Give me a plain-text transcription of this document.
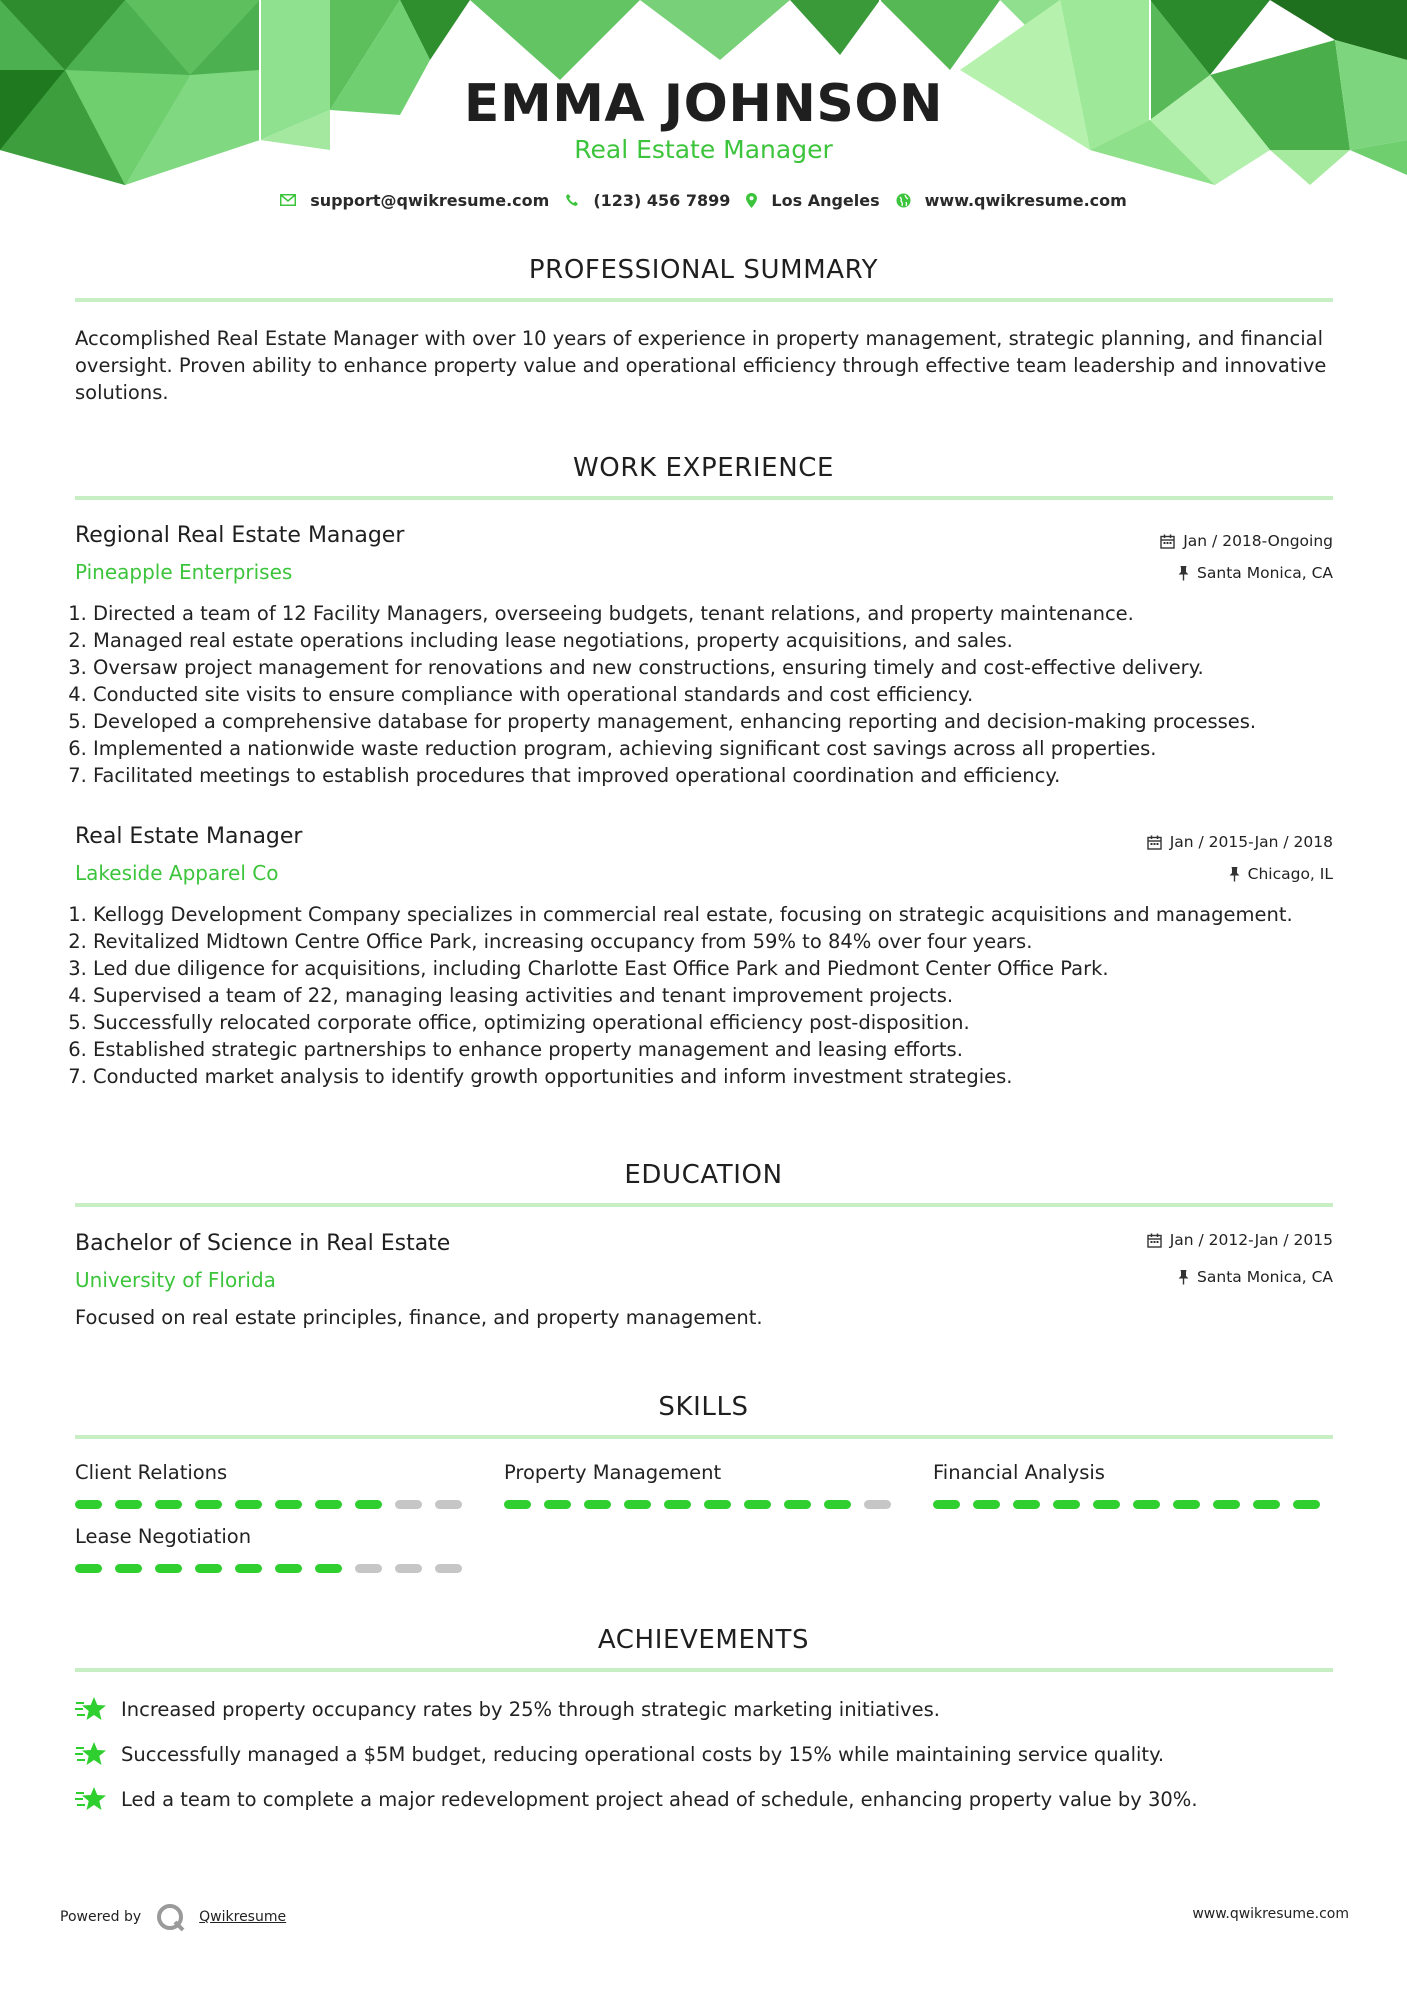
EMMA JOHNSON
Real Estate Manager
support@qwikresume.com	(123) 456 7899	Los Angeles	www.qwikresume.com
PROFESSIONAL SUMMARY
Accomplished Real Estate Manager with over 10 years of experience in property management, strategic planning, and financial oversight. Proven ability to enhance property value and operational efficiency through effective team leadership and innovative solutions.
WORK EXPERIENCE
Regional Real Estate Manager
Pineapple Enterprises
Jan / 2018-Ongoing
Santa Monica, CA
1. Directed a team of 12 Facility Managers, overseeing budgets, tenant relations, and property maintenance.
2. Managed real estate operations including lease negotiations, property acquisitions, and sales.
3. Oversaw project management for renovations and new constructions, ensuring timely and cost-effective delivery.
4. Conducted site visits to ensure compliance with operational standards and cost efficiency.
5. Developed a comprehensive database for property management, enhancing reporting and decision-making processes.
6. Implemented a nationwide waste reduction program, achieving significant cost savings across all properties.
7. Facilitated meetings to establish procedures that improved operational coordination and efficiency.
Real Estate Manager
Lakeside Apparel Co
Jan / 2015-Jan / 2018
Chicago, IL
1. Kellogg Development Company specializes in commercial real estate, focusing on strategic acquisitions and management.
2. Revitalized Midtown Centre Office Park, increasing occupancy from 59% to 84% over four years.
3. Led due diligence for acquisitions, including Charlotte East Office Park and Piedmont Center Office Park.
4. Supervised a team of 22, managing leasing activities and tenant improvement projects.
5. Successfully relocated corporate office, optimizing operational efficiency post-disposition.
6. Established strategic partnerships to enhance property management and leasing efforts.
7. Conducted market analysis to identify growth opportunities and inform investment strategies.
EDUCATION
Bachelor of Science in Real Estate
University of Florida
Jan / 2012-Jan / 2015
Santa Monica, CA
Focused on real estate principles, finance, and property management.
SKILLS
Client Relations	Property Management	Financial Analysis
Lease Negotiation
ACHIEVEMENTS
Increased property occupancy rates by 25% through strategic marketing initiatives.
Successfully managed a $5M budget, reducing operational costs by 15% while maintaining service quality.
Led a team to complete a major redevelopment project ahead of schedule, enhancing property value by 30%.
Powered by	Qwikresume	www.qwikresume.com
